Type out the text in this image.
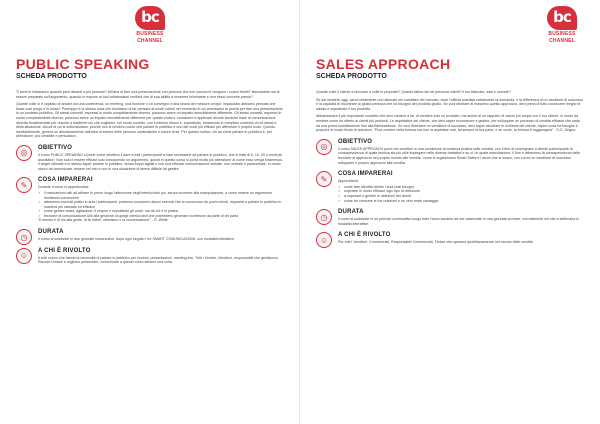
bc
BUSINESS
CHANNEL
PUBLIC SPEAKING
SCHEDA PRODOTTO

Ti senti in imbarazzo quando parli davanti a più persone? All'idea di fare una presentazione con persone che non conosci ti vengono i sudori freddi? Nonostante sia di essere preparato sull'argomento, quando le espone ai tuoi collaboratori verifichi che di sua abilità a rimanere fulminante e non riesci concerle parole?

Quante volte ci è capitato di andare ad una conferenza, un meeting, una riunione o un convegno e alla sinora del meloure un'opo' impacciato abbiamo pensato che fosse così porgo e le fosse? Purtroppo è la stessa cosa che rischiamo di far pensare ai nostri uditori nel momento in cui prendiamo la parola per fare una presentazione in un contesto pubblico. Gli stessi concetti, espressi in modo completamente diverso, possono avere un impatto sensibilmente differente. Gli stessi concetti, espressi in modo completamente diverso, possono avere un impatto sensibilmente differente per questo motivo, conoscere e applicare alcune tecniche base di comunicazione diventa fondamentale per riuscire a trasferire ciò che vogliamo, nel modo corretto, con il minimo sforzo e, soprattutto, rimanendo in completo controllo di noi stessi e della situazione. Alcuni di voi si sottovalutano, perché non si rendono conto che parlare in pubblico è uno dei modi più efficaci per affermare il proprio ruolo. Questo, inevitabilmente, genera un allontanamento dall'idea di essere delle persone carismatiche e sicure di sé. Per questo motivo, chi sa come parlare in pubblico è, per definizione, più credibile e persuasivo.

◎
OBIETTIVO
Il corso PUBLIC SPEAKING si pone come obiettivo il dare a tutti i partecipanti le basi necessarie ad parlare in pubblico, che si tratti di 5, 10, 20 o molti più ascoltatori. Non solo il essere efficaci solo conoscendo un argomento, quindi in questo corso si porrà molta più attenzione al come esso venga trasmesso. Il target ottimale e lo stesso saper parlare in pubblico, senza troppi agitati e con una efficace comunicazione verbale, non verbale e paraverbale, in modo sicuro da comunicare, essere nel mio e non in una situazione di stress difficile da gestire.
✎
COSA IMPARERAI
Durante il corso si approfondirà:
✓ il meccanismi utili ad attirare in primo luogo l'attenzione degli interlocutori poi, senza incorrere alla manipolazione, a come essere un argomento risultando convincenti
✓ attraverso esercizi pratici in aula i partecipanti, potranno conoscere alcuni esercizi che si conoscono da pochi minuti, imparerà a parlare in pubblico in maniera più naturale ed efficace
✓ come gestire ansia, agitazione, il respiro e soprattutto gli occhi, sia da chi è in platea
✓ tecniche di comunicazione utili alla gestione di quegli interlocutori che potrebbero generare incertezze da parte di chi parla
"Il mondo è di chi alla gente, la fa ridere, ottimismo o la conversazione" - O. Wilde
◷
DURATA
Il corso si suddivide in due giornate consecutive, dopo ogni seguito i tre SMART COMUNICAZIONI, con modalità interattive.
☺
A CHI È RIVOLTO
A tutti coloro che hanno la necessità di parlare in pubblico per riunioni, presentazioni, meeting ecc. Tutti i Vendor, Venditori, responsabili che gestiscono Risorse Umane e vogliono presentare, comunicare a questo corso almeno una volta.
bc
BUSINESS
CHANNEL
SALES APPROACH
SCHEDA PRODOTTO

Quante volte il cliente a bloccare a volte le proposte? Quanto fatica hai nel percorso clienti? Il tuo fatturato, sale e scende?

Se sai vendere oggi, sarai certamente uno allenato nel cambiare del mercato, dove l'offerta sovrasta nettamente la domanda, e la differenza di un venditore di successo è la capacità di incontrare la giusta persona che ha bisogno del prodotto giusto. Se vuoi sfruttare al massimo questo approccio, devi prima di tutto conoscere meglio te stesso e soprattutto il tuo prodotto.

Abbandonare il più importante concetto che devi credere a fai, di vendere solo un prodotto, ma anche di un rapporto di valore più ampio con il tuo cliente, in modo da rendere come ha offerto ai clienti più profondi. Le aspettative del cliente, che devi saper riconoscere e gestire, per sviluppare un processo di vendita efficace che vada da una prima soddisfazione fino alla fidelizzazione. Se vuoi diventare un venditore di successo, devi saper ascoltare le richieste del cliente, capire cosa ha bisogno e proporre in modo fluido le soluzioni. "Puoi credere nella fortuna ma non la aspettare mai, fai sempre la tua parte, e se vuole, la fortuna ti raggiungerà" - S.O. Origeo..

◎
OBIETTIVO
Il corso SALES APPROACH porre nei venditori in una condizione di continua pratica sulle vendita, con il fine di convegnare a cliente partecipante la consapevolezza di quale tecnica sia più utile impiegare nelle diverse trattative e su ci i in quale esercitazione. Il fine è attraverso la consapevolezza delle tecniche di approccio nel proprio mondo alle vendite, come si organizzano Smart Sales e i lavori che si usano, con cui ed un venditore di successo sviluppare il proprio approccio alla vendita.
✎
COSA IMPARERAI
Apprenderai:
✓ come fare identità cliente i suoi reali bisogni
✓ superare in modo efficace ogni tipo di obiezione
✓ a superare e gestire le obiezioni dei clienti
✓ come far crescere le tue relazioni e un vero reale vantaggio
◷
DURATA
Il corso si suddivide in un periodo continuativo lungo tutto l'anno accanto ad ore cadenzate in una giornata al mese, normalmente nel sito a settimana in modalità interattive.
☺
A CHI È RIVOLTO
Per tutti i Venditori, Commerciali, Responsabili Commerciali, Titolari che operano quotidianamente nel mondo delle vendite.
